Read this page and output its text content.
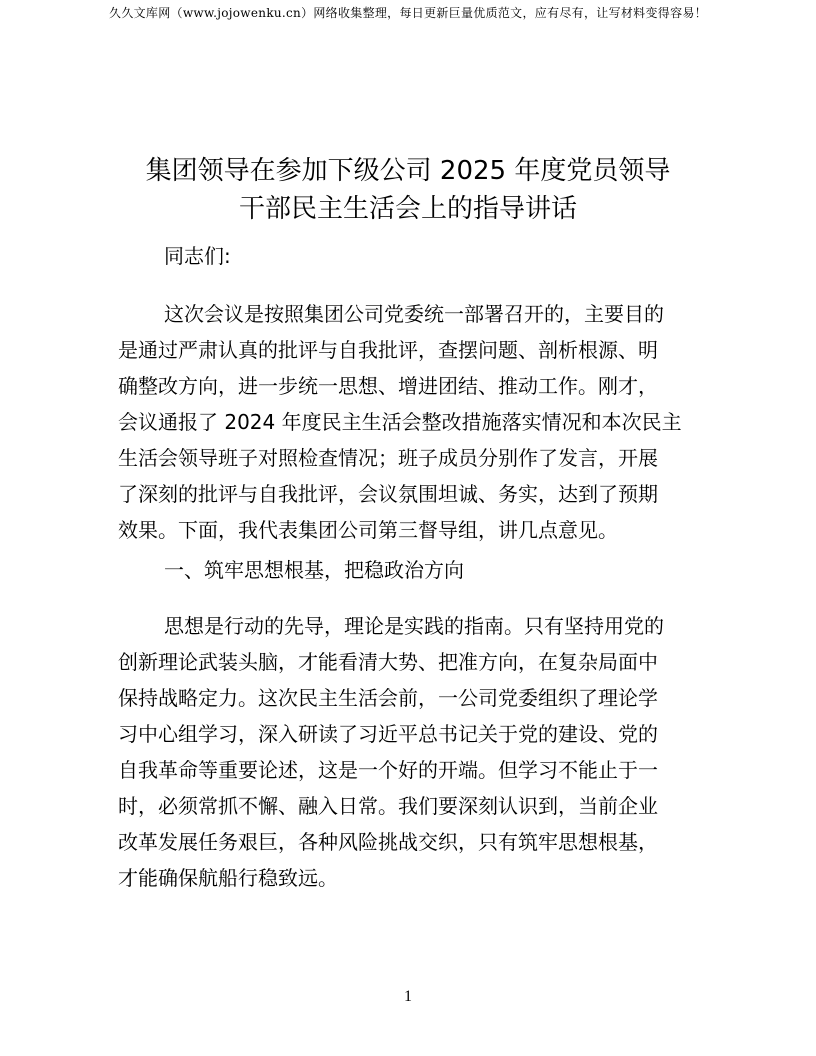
久久文库网（www.jojowenku.cn）网络收集整理，每日更新巨量优质范文，应有尽有，让写材料变得容易！
集团领导在参加下级公司 2025 年度党员领导
干部民主生活会上的指导讲话
同志们:
这次会议是按照集团公司党委统一部署召开的，主要目的
是通过严肃认真的批评与自我批评，查摆问题、剖析根源、明
确整改方向，进一步统一思想、增进团结、推动工作。刚才，
会议通报了 2024 年度民主生活会整改措施落实情况和本次民主
生活会领导班子对照检查情况；班子成员分别作了发言，开展
了深刻的批评与自我批评，会议氛围坦诚、务实，达到了预期
效果。下面，我代表集团公司第三督导组，讲几点意见。
一、筑牢思想根基，把稳政治方向
思想是行动的先导，理论是实践的指南。只有坚持用党的
创新理论武装头脑，才能看清大势、把准方向，在复杂局面中
保持战略定力。这次民主生活会前，一公司党委组织了理论学
习中心组学习，深入研读了习近平总书记关于党的建设、党的
自我革命等重要论述，这是一个好的开端。但学习不能止于一
时，必须常抓不懈、融入日常。我们要深刻认识到，当前企业
改革发展任务艰巨，各种风险挑战交织，只有筑牢思想根基，
才能确保航船行稳致远。
1
